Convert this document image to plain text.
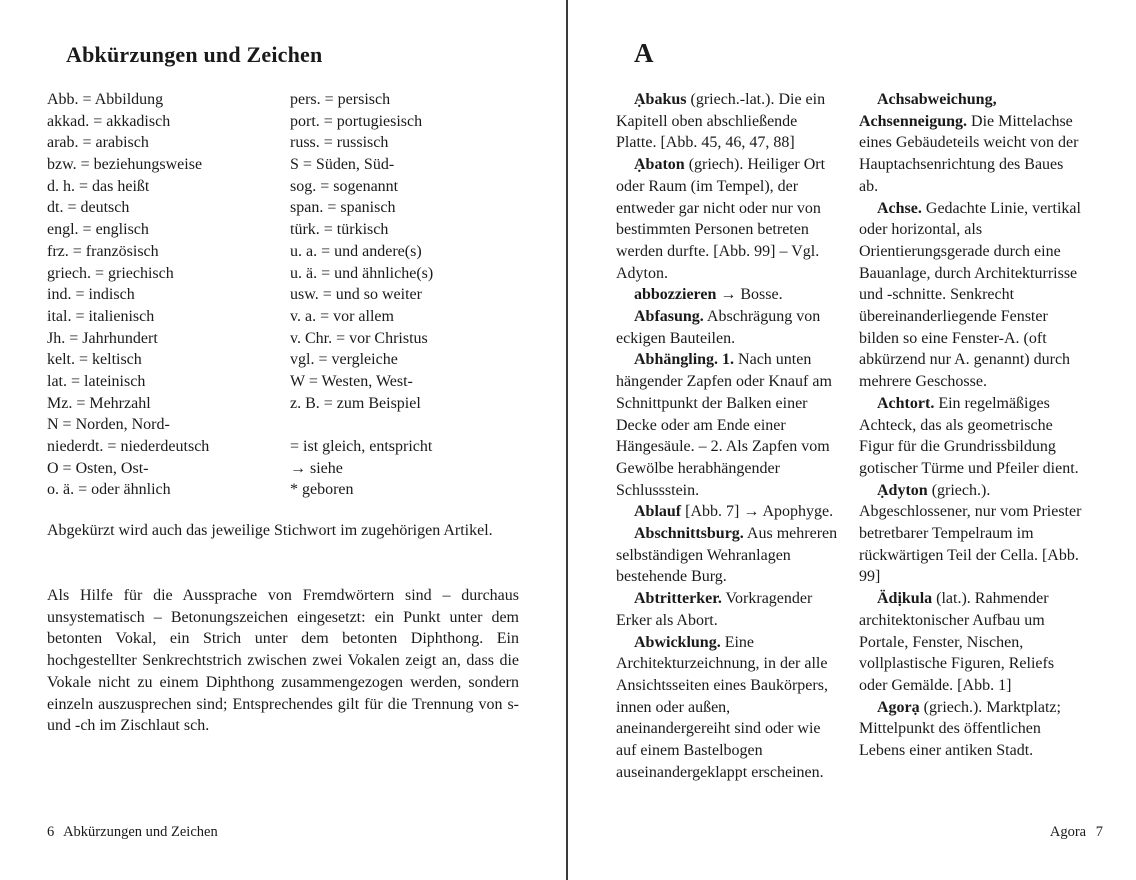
Abkürzungen und Zeichen
Abb. = Abbildung
akkad. = akkadisch
arab. = arabisch
bzw. = beziehungsweise
d. h. = das heißt
dt. = deutsch
engl. = englisch
frz. = französisch
griech. = griechisch
ind. = indisch
ital. = italienisch
Jh. = Jahrhundert
kelt. = keltisch
lat. = lateinisch
Mz. = Mehrzahl
N = Norden, Nord-
niederdt. = niederdeutsch
O = Osten, Ost-
o. ä. = oder ähnlich
pers. = persisch
port. = portugiesisch
russ. = russisch
S = Süden, Süd-
sog. = sogenannt
span. = spanisch
türk. = türkisch
u. a. = und andere(s)
u. ä. = und ähnliche(s)
usw. = und so weiter
v. a. = vor allem
v. Chr. = vor Christus
vgl. = vergleiche
W = Westen, West-
z. B. = zum Beispiel
= ist gleich, entspricht
→ siehe
* geboren

Abgekürzt wird auch das jeweilige Stichwort im zugehörigen Artikel.

Als Hilfe für die Aussprache von Fremdwörtern sind – durchaus unsystematisch – Betonungszeichen eingesetzt: ein Punkt unter dem betonten Vokal, ein Strich unter dem betonten Diphthong. Ein hochgestellter Senkrechtstrich zwischen zwei Vokalen zeigt an, dass die Vokale nicht zu einem Diphthong zusammengezogen werden, sondern einzeln auszusprechen sind; Entsprechendes gilt für die Trennung von s- und -ch im Zischlaut sch.

6 Abkürzungen und Zeichen
A

Ạbakus (griech.-lat.). Die ein Kapitell oben abschließende Platte. [Abb. 45, 46, 47, 88]

Ạbaton (griech). Heiliger Ort oder Raum (im Tempel), der entweder gar nicht oder nur von bestimmten Personen betreten werden durfte. [Abb. 99] – Vgl. Adyton.

abbozzieren → Bosse.

Abfasung. Abschrägung von eckigen Bauteilen.

Abhängling. 1. Nach unten hängender Zapfen oder Knauf am Schnittpunkt der Balken einer Decke oder am Ende einer Hängesäule. – 2. Als Zapfen vom Gewölbe herabhängender Schlussstein.

Ablauf [Abb. 7] → Apophyge.

Abschnittsburg. Aus mehreren selbständigen Wehranlagen bestehende Burg.

Abtritterker. Vorkragender Erker als Abort.

Abwicklung. Eine Architekturzeichnung, in der alle Ansichtsseiten eines Baukörpers, innen oder außen, aneinandergereiht sind oder wie auf einem Bastelbogen auseinandergeklappt erscheinen.

Achsabweichung, Achsenneigung. Die Mittelachse eines Gebäudeteils weicht von der Hauptachsenrichtung des Baues ab.

Achse. Gedachte Linie, vertikal oder horizontal, als Orientierungsgerade durch eine Bauanlage, durch Architekturrisse und -schnitte. Senkrecht übereinanderliegende Fenster bilden so eine Fenster-A. (oft abkürzend nur A. genannt) durch mehrere Geschosse.

Achtort. Ein regelmäßiges Achteck, das als geometrische Figur für die Grundrissbildung gotischer Türme und Pfeiler dient.

Ạdyton (griech.). Abgeschlossener, nur vom Priester betretbarer Tempelraum im rückwärtigen Teil der Cella. [Abb. 99]

Ädịkula (lat.). Rahmender architektonischer Aufbau um Portale, Fenster, Nischen, vollplastische Figuren, Reliefs oder Gemälde. [Abb. 1]

Agorạ (griech.). Marktplatz; Mittelpunkt des öffentlichen Lebens einer antiken Stadt.

Agora 7
